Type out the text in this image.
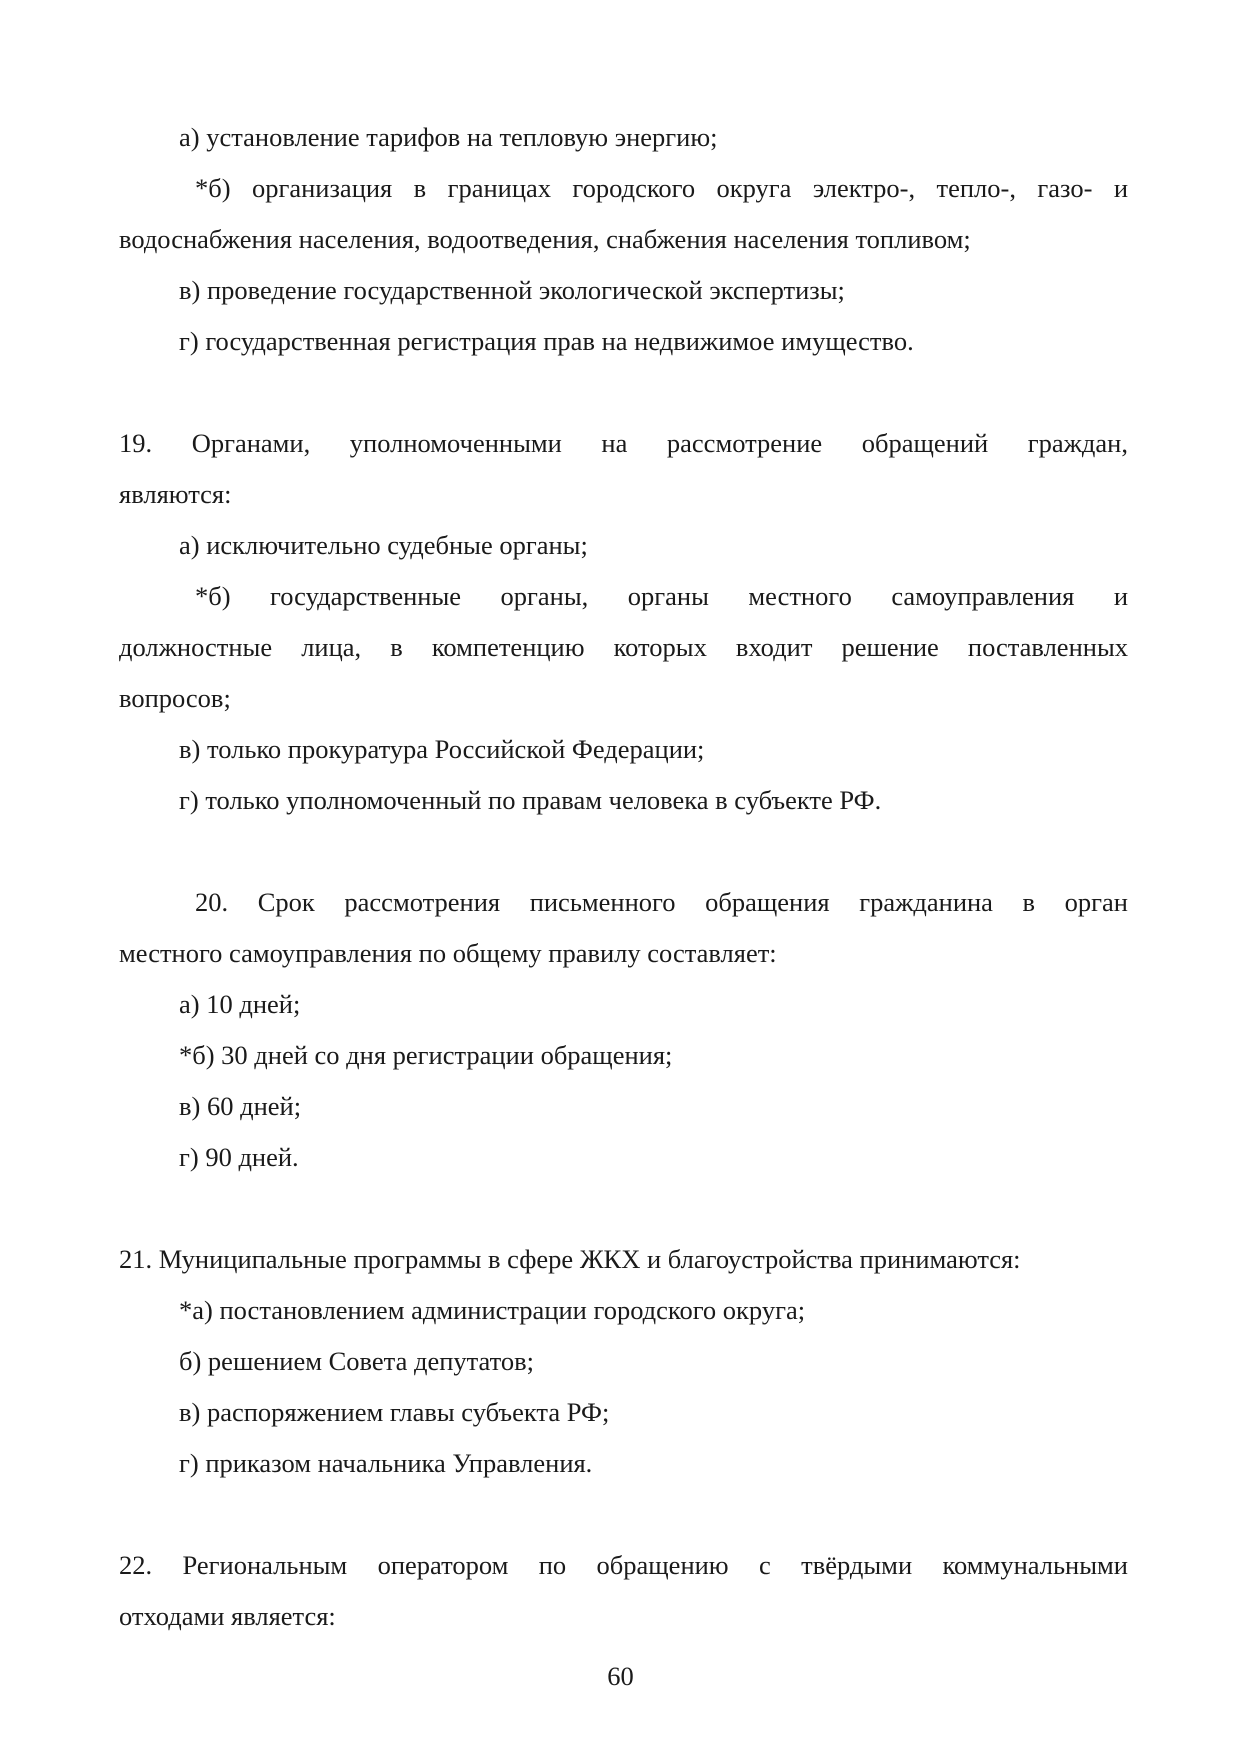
а) установление тарифов на тепловую энергию;

*б) организация в границах городского округа электро-, тепло-, газо- и

водоснабжения населения, водоотведения, снабжения населения топливом;

в) проведение государственной экологической экспертизы;

г) государственная регистрация прав на недвижимое имущество.

19. Органами, уполномоченными на рассмотрение обращений граждан,

являются:

а) исключительно судебные органы;

*б) государственные органы, органы местного самоуправления и

должностные лица, в компетенцию которых входит решение поставленных

вопросов;

в) только прокуратура Российской Федерации;

г) только уполномоченный по правам человека в субъекте РФ.

20. Срок рассмотрения письменного обращения гражданина в орган

местного самоуправления по общему правилу составляет:

а) 10 дней;

*б) 30 дней со дня регистрации обращения;

в) 60 дней;

г) 90 дней.

21. Муниципальные программы в сфере ЖКХ и благоустройства принимаются:

*а) постановлением администрации городского округа;

б) решением Совета депутатов;

в) распоряжением главы субъекта РФ;

г) приказом начальника Управления.

22. Региональным оператором по обращению с твёрдыми коммунальными

отходами является:

60
